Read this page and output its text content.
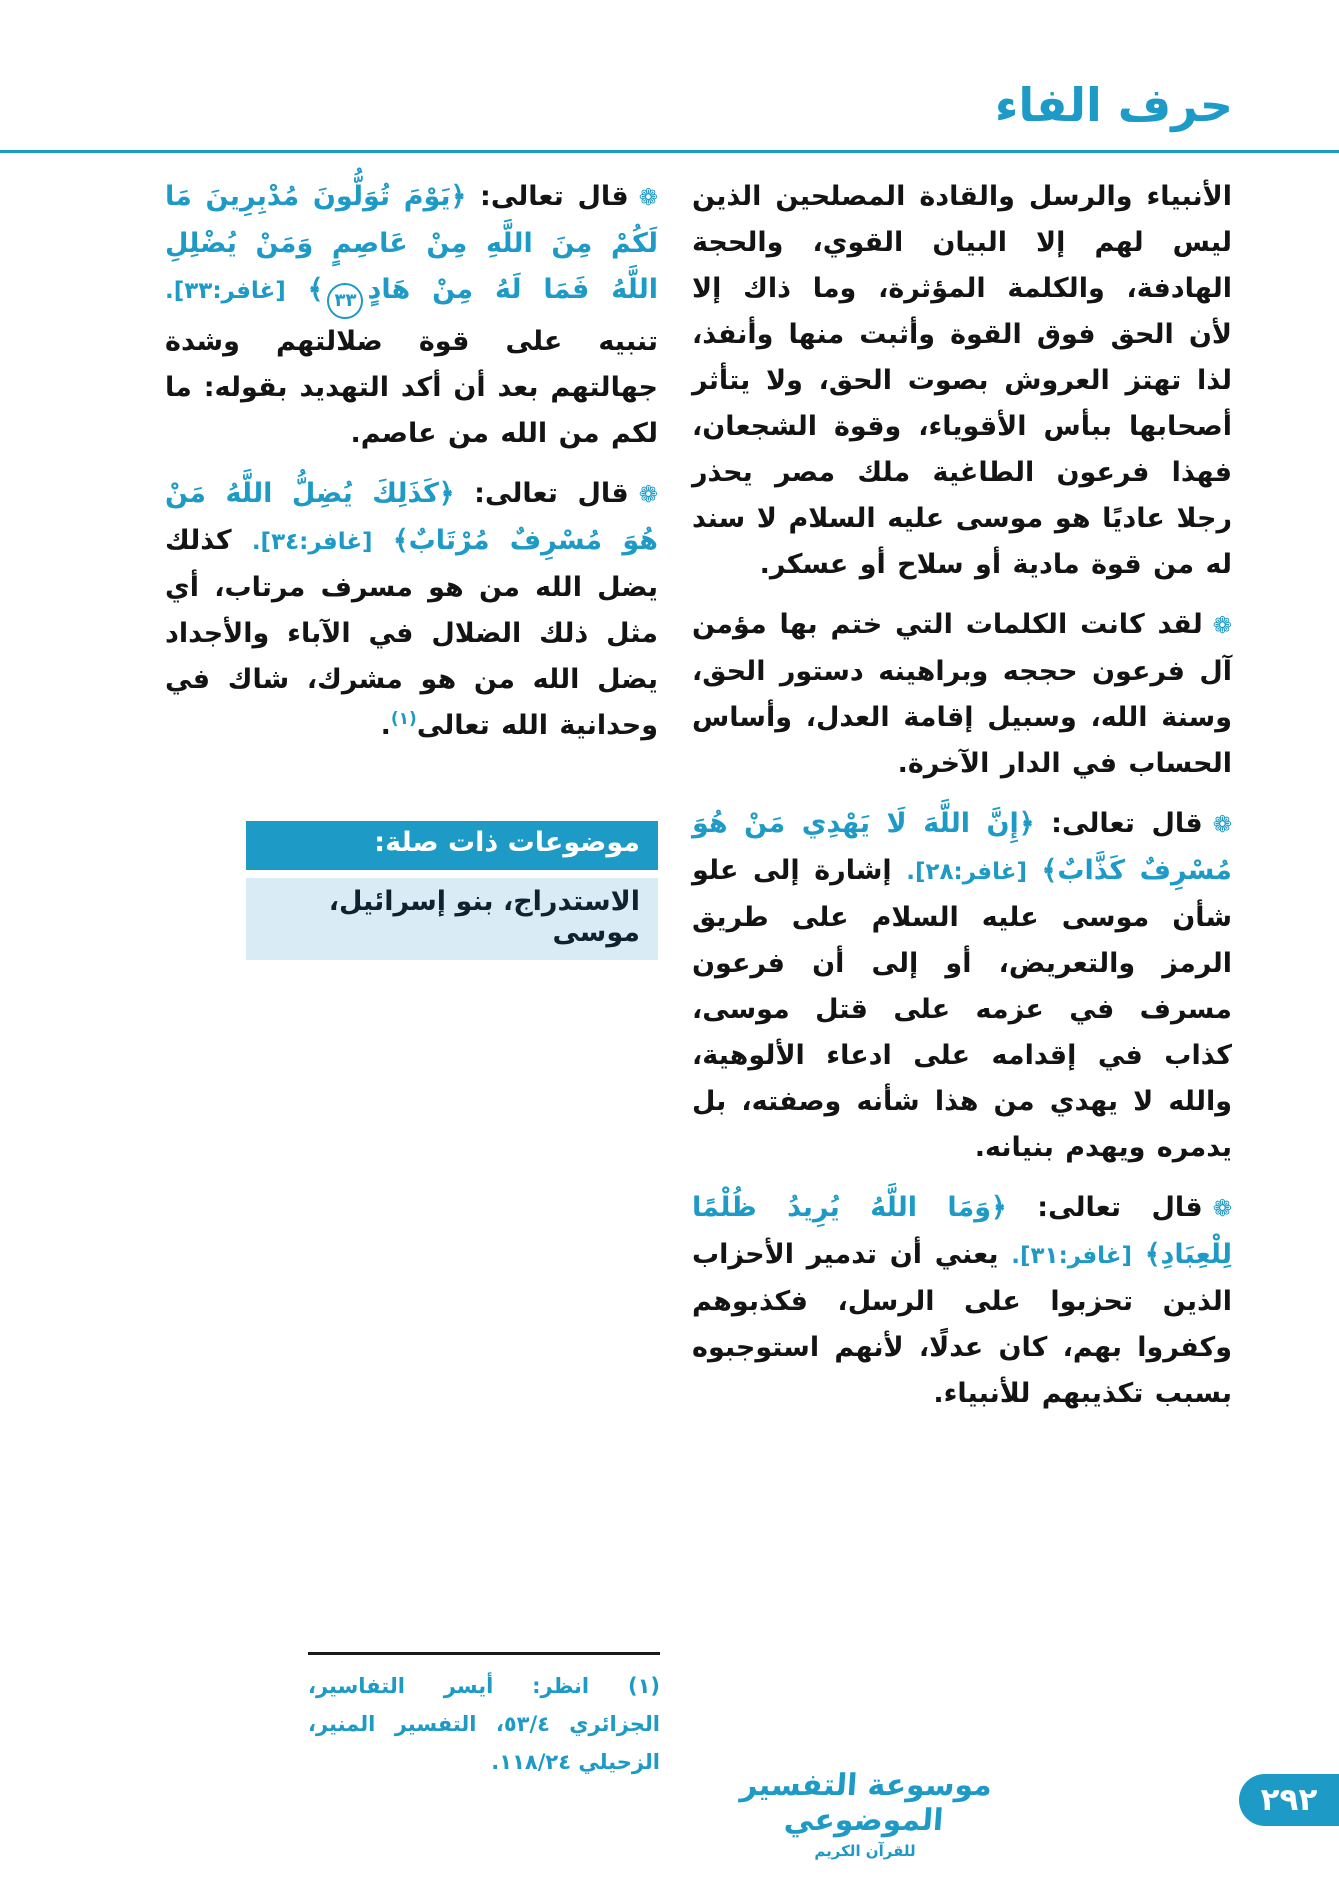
حرف الفاء

الأنبياء والرسل والقادة المصلحين الذين ليس لهم إلا البيان القوي، والحجة الهادفة، والكلمة المؤثرة، وما ذاك إلا لأن الحق فوق القوة وأثبت منها وأنفذ، لذا تهتز العروش بصوت الحق، ولا يتأثر أصحابها ببأس الأقوياء، وقوة الشجعان، فهذا فرعون الطاغية ملك مصر يحذر رجلا عاديًا هو موسى عليه السلام لا سند له من قوة مادية أو سلاح أو عسكر.

❁لقد كانت الكلمات التي ختم بها مؤمن آل فرعون حججه وبراهينه دستور الحق، وسنة الله، وسبيل إقامة العدل، وأساس الحساب في الدار الآخرة.

❁قال تعالى: ﴿إِنَّ اللَّهَ لَا يَهْدِي مَنْ هُوَ مُسْرِفٌ كَذَّابٌ﴾ [غافر:٢٨]. إشارة إلى علو شأن موسى عليه السلام على طريق الرمز والتعريض، أو إلى أن فرعون مسرف في عزمه على قتل موسى، كذاب في إقدامه على ادعاء الألوهية، والله لا يهدي من هذا شأنه وصفته، بل يدمره ويهدم بنيانه.

❁قال تعالى: ﴿وَمَا اللَّهُ يُرِيدُ ظُلْمًا لِلْعِبَادِ﴾ [غافر:٣١]. يعني أن تدمير الأحزاب الذين تحزبوا على الرسل، فكذبوهم وكفروا بهم، كان عدلًا، لأنهم استوجبوه بسبب تكذيبهم للأنبياء.

❁قال تعالى: ﴿يَوْمَ تُوَلُّونَ مُدْبِرِينَ مَا لَكُمْ مِنَ اللَّهِ مِنْ عَاصِمٍ وَمَنْ يُضْلِلِ اللَّهُ فَمَا لَهُ مِنْ هَادٍ٣٣﴾ [غافر:٣٣]. تنبيه على قوة ضلالتهم وشدة جهالتهم بعد أن أكد التهديد بقوله: ما لكم من الله من عاصم.

❁قال تعالى: ﴿كَذَلِكَ يُضِلُّ اللَّهُ مَنْ هُوَ مُسْرِفٌ مُرْتَابٌ﴾ [غافر:٣٤]. كذلك يضل الله من هو مسرف مرتاب، أي مثل ذلك الضلال في الآباء والأجداد يضل الله من هو مشرك، شاك في وحدانية الله تعالى$^{(١)}$.

موضوعات ذات صلة:
الاستدراج، بنو إسرائيل، موسى
(١) انظر: أيسر التفاسير، الجزائري ٥٣/٤، التفسير المنير، الزحيلي ١١٨/٢٤.
موسوعة التفسير الموضوعي
للقرآن الكريم
٢٩٢
